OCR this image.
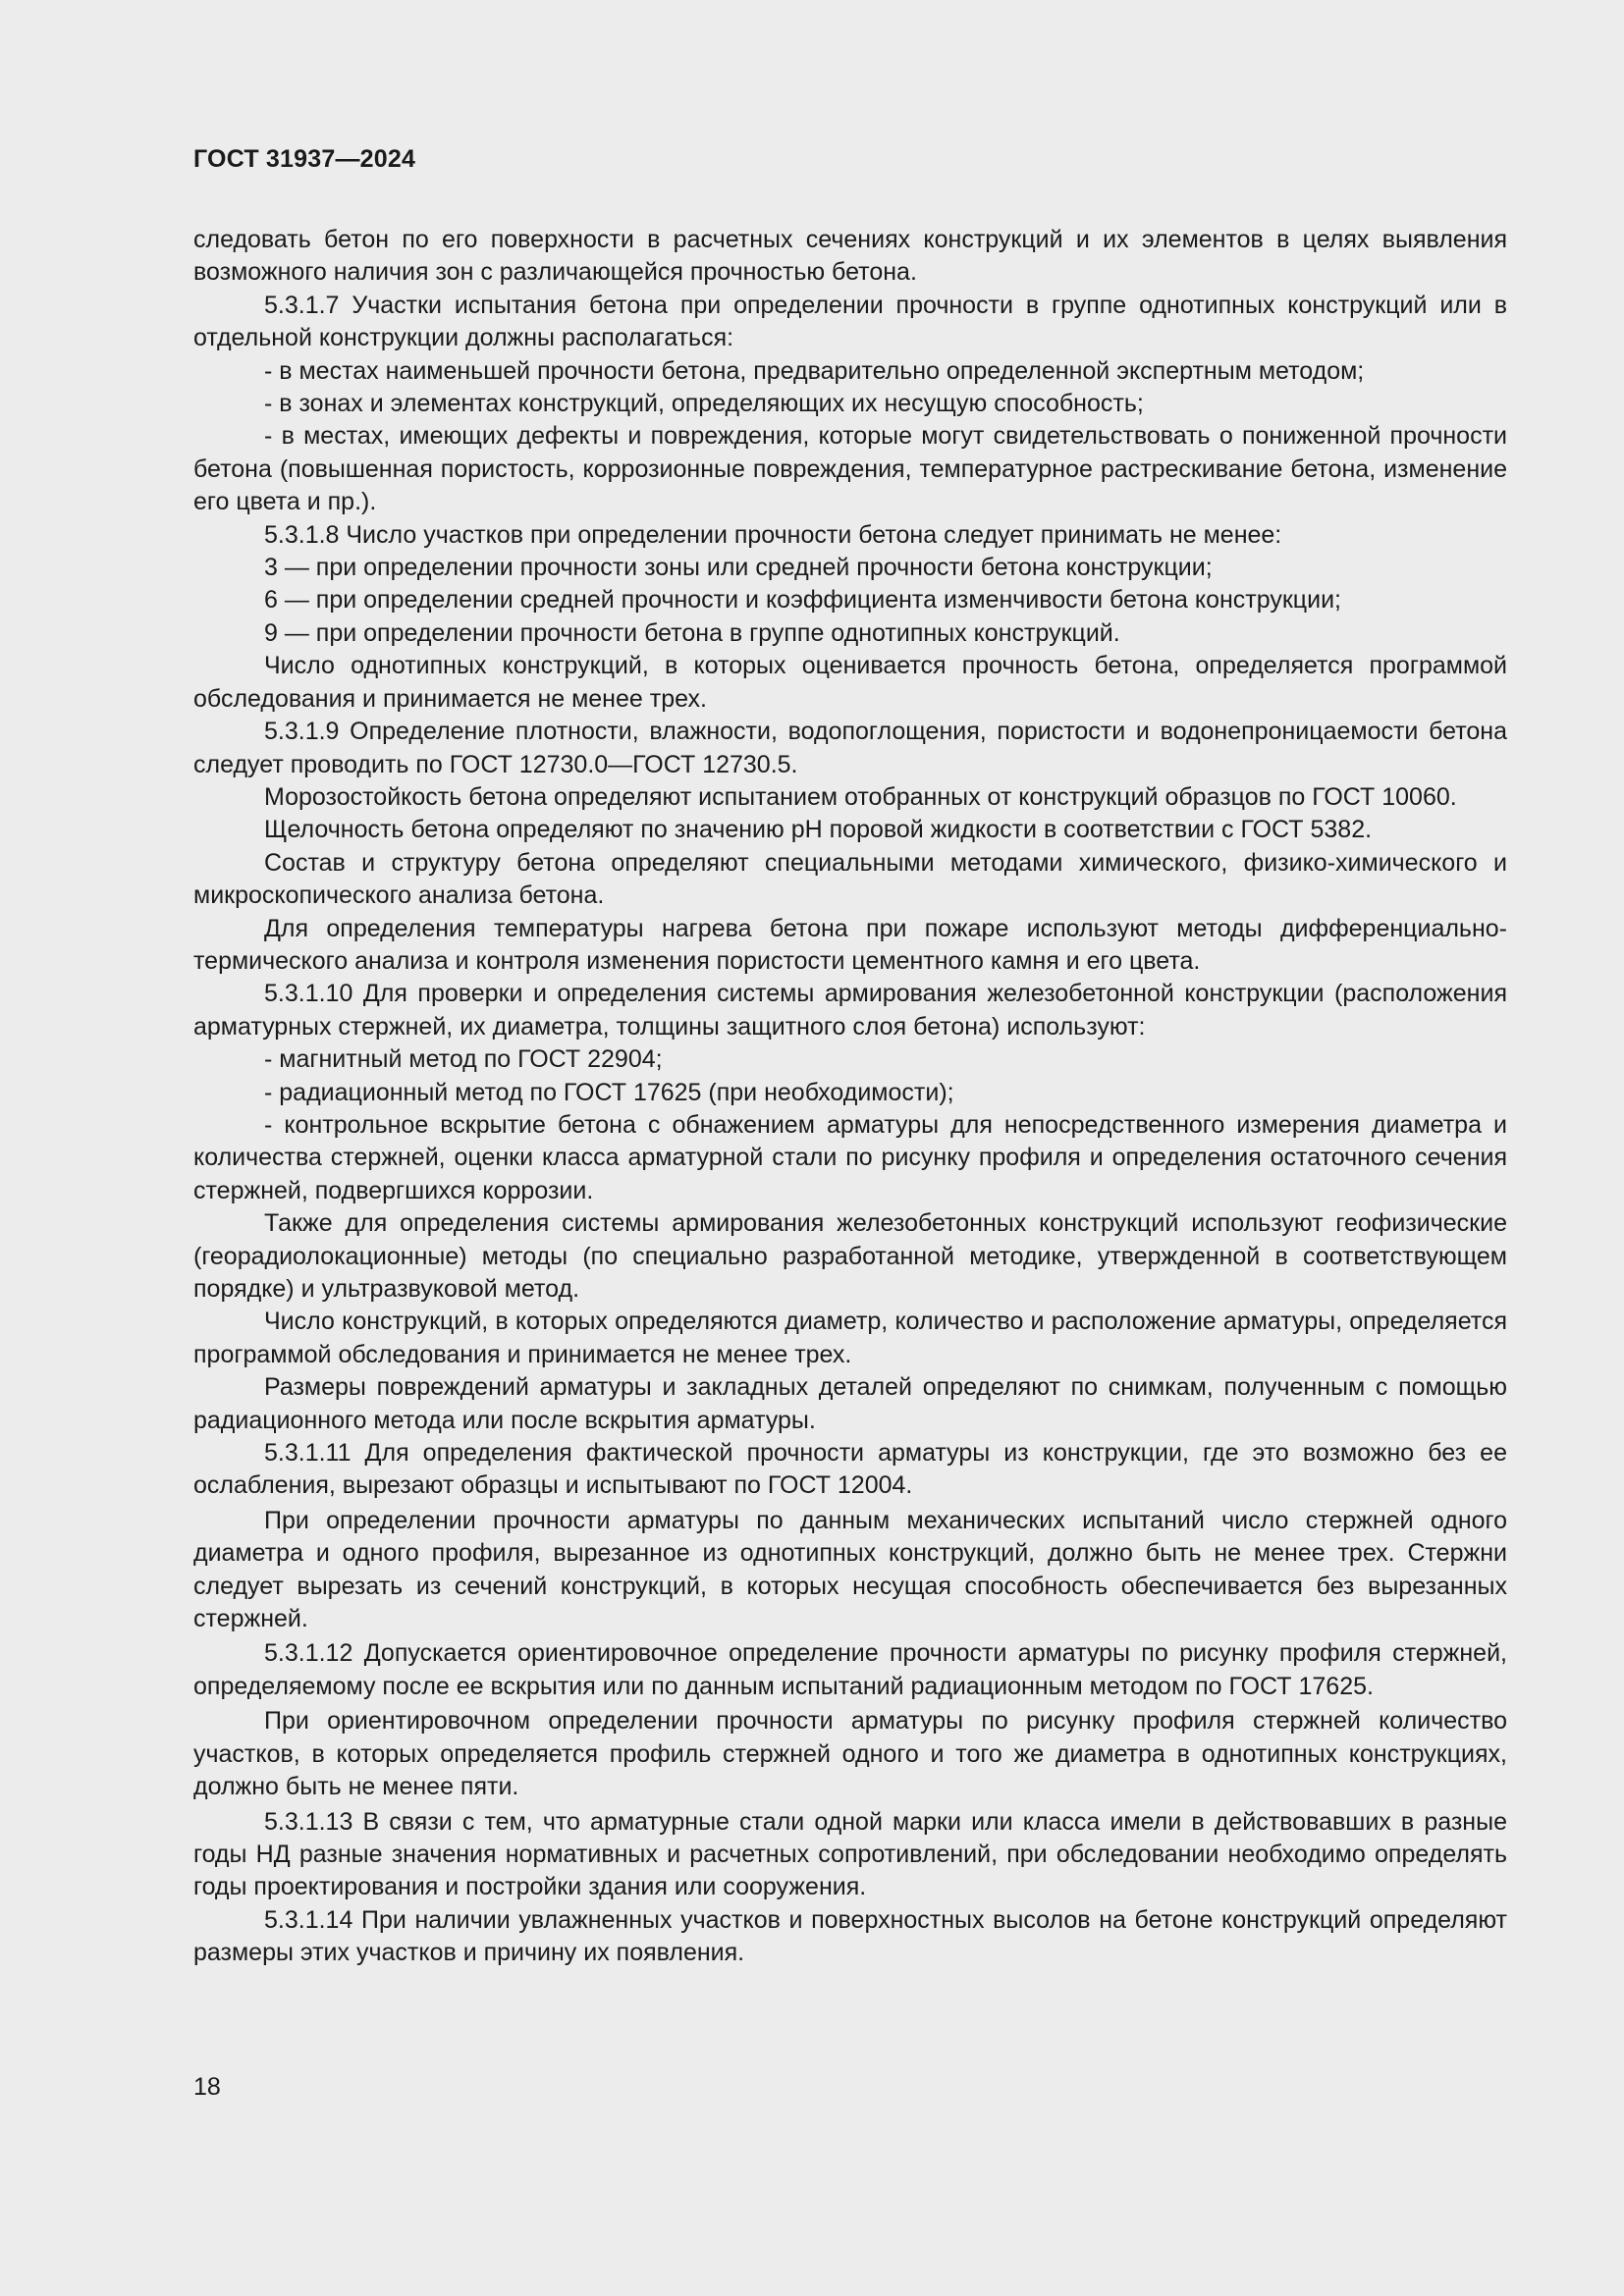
ГОСТ 31937—2024

следовать бетон по его поверхности в расчетных сечениях конструкций и их элементов в целях выявления возможного наличия зон с различающейся прочностью бетона.

5.3.1.7 Участки испытания бетона при определении прочности в группе однотипных конструкций или в отдельной конструкции должны располагаться:

- в местах наименьшей прочности бетона, предварительно определенной экспертным методом;

- в зонах и элементах конструкций, определяющих их несущую способность;

- в местах, имеющих дефекты и повреждения, которые могут свидетельствовать о пониженной прочности бетона (повышенная пористость, коррозионные повреждения, температурное растрескивание бетона, изменение его цвета и пр.).

5.3.1.8 Число участков при определении прочности бетона следует принимать не менее:

3 — при определении прочности зоны или средней прочности бетона конструкции;

6 — при определении средней прочности и коэффициента изменчивости бетона конструкции;

9 — при определении прочности бетона в группе однотипных конструкций.

Число однотипных конструкций, в которых оценивается прочность бетона, определяется программой обследования и принимается не менее трех.

5.3.1.9 Определение плотности, влажности, водопоглощения, пористости и водонепроницаемости бетона следует проводить по ГОСТ 12730.0—ГОСТ 12730.5.

Морозостойкость бетона определяют испытанием отобранных от конструкций образцов по ГОСТ 10060.

Щелочность бетона определяют по значению pH поровой жидкости в соответствии с ГОСТ 5382.

Состав и структуру бетона определяют специальными методами химического, физико-химического и микроскопического анализа бетона.

Для определения температуры нагрева бетона при пожаре используют методы дифференциально-термического анализа и контроля изменения пористости цементного камня и его цвета.

5.3.1.10 Для проверки и определения системы армирования железобетонной конструкции (расположения арматурных стержней, их диаметра, толщины защитного слоя бетона) используют:

- магнитный метод по ГОСТ 22904;

- радиационный метод по ГОСТ 17625 (при необходимости);

- контрольное вскрытие бетона с обнажением арматуры для непосредственного измерения диаметра и количества стержней, оценки класса арматурной стали по рисунку профиля и определения остаточного сечения стержней, подвергшихся коррозии.

Также для определения системы армирования железобетонных конструкций используют геофизические (георадиолокационные) методы (по специально разработанной методике, утвержденной в соответствующем порядке) и ультразвуковой метод.

Число конструкций, в которых определяются диаметр, количество и расположение арматуры, определяется программой обследования и принимается не менее трех.

Размеры повреждений арматуры и закладных деталей определяют по снимкам, полученным с помощью радиационного метода или после вскрытия арматуры.

5.3.1.11 Для определения фактической прочности арматуры из конструкции, где это возможно без ее ослабления, вырезают образцы и испытывают по ГОСТ 12004.

При определении прочности арматуры по данным механических испытаний число стержней одного диаметра и одного профиля, вырезанное из однотипных конструкций, должно быть не менее трех. Стержни следует вырезать из сечений конструкций, в которых несущая способность обеспечивается без вырезанных стержней.

5.3.1.12 Допускается ориентировочное определение прочности арматуры по рисунку профиля стержней, определяемому после ее вскрытия или по данным испытаний радиационным методом по ГОСТ 17625.

При ориентировочном определении прочности арматуры по рисунку профиля стержней количество участков, в которых определяется профиль стержней одного и того же диаметра в однотипных конструкциях, должно быть не менее пяти.

5.3.1.13 В связи с тем, что арматурные стали одной марки или класса имели в действовавших в разные годы НД разные значения нормативных и расчетных сопротивлений, при обследовании необходимо определять годы проектирования и постройки здания или сооружения.

5.3.1.14 При наличии увлажненных участков и поверхностных высолов на бетоне конструкций определяют размеры этих участков и причину их появления.

18
